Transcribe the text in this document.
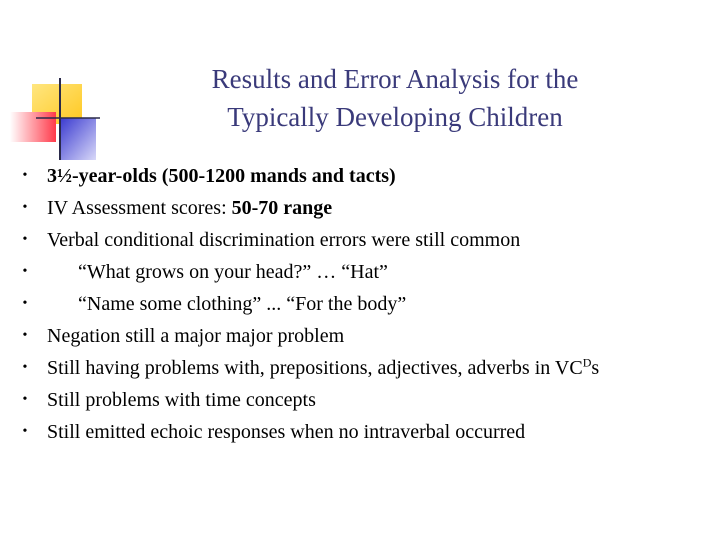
Results and Error Analysis for the
Typically Developing Children
• 3½-year-olds (500-1200 mands and tacts)
• IV Assessment scores: 50-70 range
• Verbal conditional discrimination errors were still common
•	“What grows on your head?” … “Hat”
•	“Name some clothing” ... “For the body”
• Negation still a major major problem
• Still having problems with, prepositions, adjectives, adverbs in $VC^Ds$
• Still problems with time concepts
• Still emitted echoic responses when no intraverbal occurred
